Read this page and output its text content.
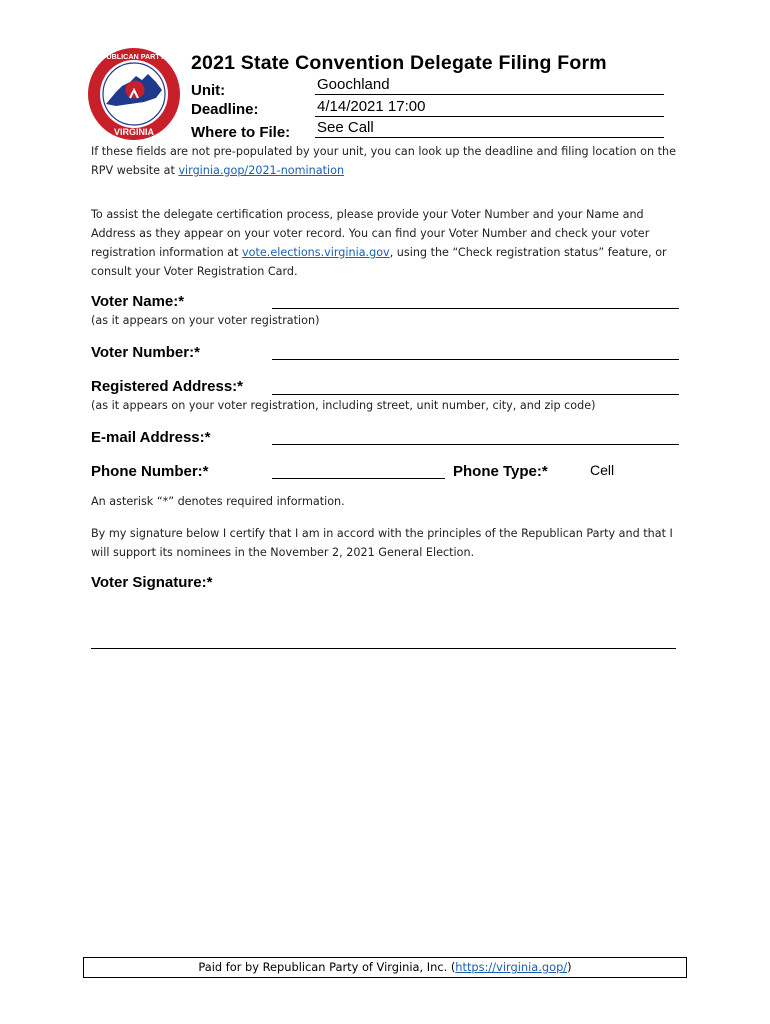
REPUBLICAN PARTY OF
VIRGINIA
2021 State Convention Delegate Filing Form
Unit:	Goochland
Deadline:	4/14/2021 17:00
Where to File: See Call
If these fields are not pre-populated by your unit, you can look up the deadline and filing location on the RPV website at virginia.gop/2021-nomination
To assist the delegate certification process, please provide your Voter Number and your Name and Address as they appear on your voter record. You can find your Voter Number and check your voter registration information at vote.elections.virginia.gov, using the “Check registration status” feature, or consult your Voter Registration Card.
Voter Name:*
(as it appears on your voter registration)
Voter Number:*
Registered Address:*
(as it appears on your voter registration, including street, unit number, city, and zip code)
E-mail Address:*
Phone Number:*	Phone Type:*	Cell
An asterisk “*” denotes required information.
By my signature below I certify that I am in accord with the principles of the Republican Party and that I will support its nominees in the November 2, 2021 General Election.
Voter Signature:*
Paid for by Republican Party of Virginia, Inc. (https://virginia.gop/)
